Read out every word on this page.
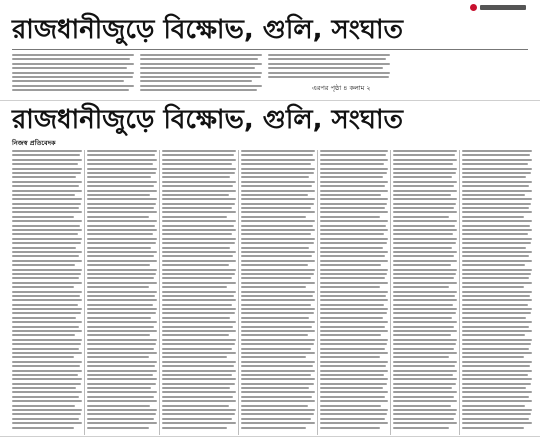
রাজধানীজুড়ে বিক্ষোভ, গুলি, সংঘাত
এরপর পৃষ্ঠা ৪ কলাম ২
রাজধানীজুড়ে বিক্ষোভ, গুলি, সংঘাত
নিজস্ব প্রতিবেদক
